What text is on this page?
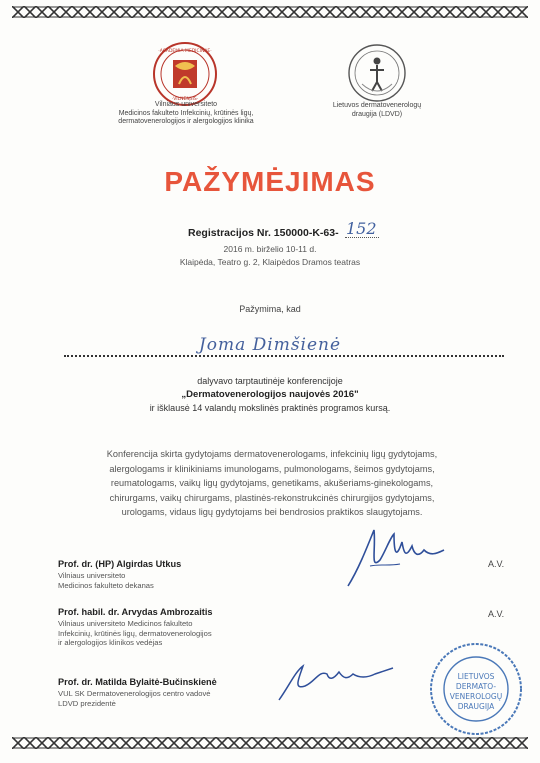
·ACADEMIA·MEDICINAE·
·VILNENSIS·
Vilniaus universiteto
Medicinos fakulteto Infekcinių, krūtinės ligų,
dermatovenerologijos ir alergologijos klinika
Lietuvos dermatovenerologų
draugija (LDVD)
PAŽYMĖJIMAS
Registracijos Nr. 150000-K-63- 152
2016 m. birželio 10-11 d.
Klaipėda, Teatro g. 2, Klaipėdos Dramos teatras
Pažymima, kad
Joma Dimšienė
dalyvavo tarptautinėje konferencijoje
„Dermatovenerologijos naujovės 2016"
ir išklausė 14 valandų mokslinės praktinės programos kursą.
Konferencija skirta gydytojams dermatovenerologams, infekcinių ligų gydytojams,
alergologams ir klinikiniams imunologams, pulmonologams, šeimos gydytojams,
reumatologams, vaikų ligų gydytojams, genetikams, akušeriams-ginekologams,
chirurgams, vaikų chirurgams, plastinės-rekonstrukcinės chirurgijos gydytojams,
urologams, vidaus ligų gydytojams bei bendrosios praktikos slaugytojams.
Prof. dr. (HP) Algirdas Utkus
Vilniaus universiteto
Medicinos fakulteto dekanas
Prof. habil. dr. Arvydas Ambrozaitis
Vilniaus universiteto Medicinos fakulteto
Infekcinių, krūtinės ligų, dermatovenerologijos
ir alergologijos klinikos vedėjas
Prof. dr. Matilda Bylaitė-Bučinskienė
VUL SK Dermatovenerologijos centro vadovė
LDVD prezidentė
A.V.
A.V.
LIETUVOS
DERMATO-
VENEROLOGŲ
DRAUGIJA
